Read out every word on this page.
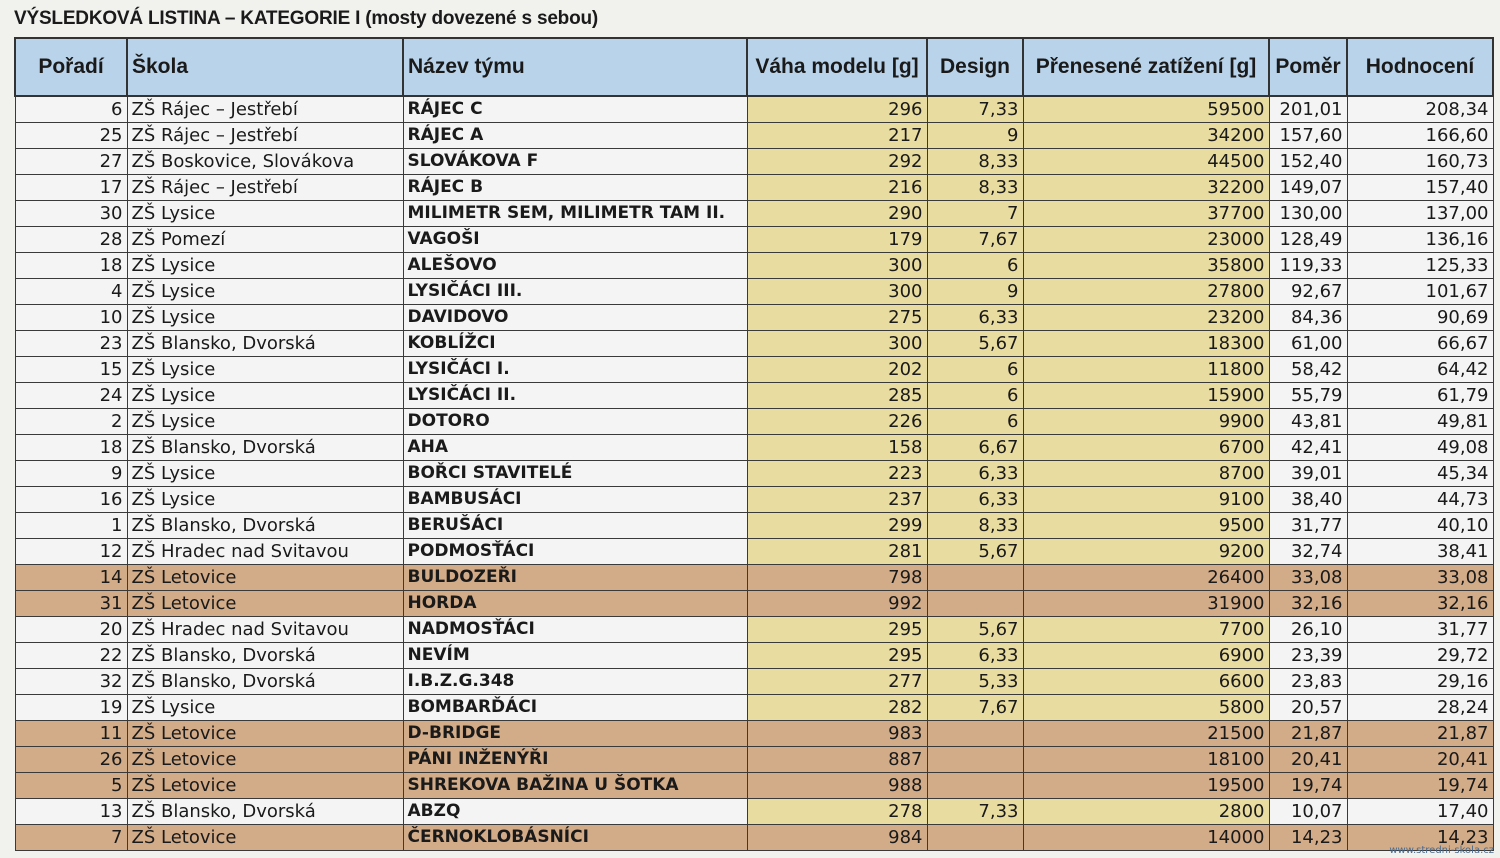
VÝSLEDKOVÁ LISTINA – KATEGORIE I (mosty dovezené s sebou)
Pořadí	Škola	Název týmu	Váha modelu [g]	Design	Přenesené zatížení [g]	Poměr	Hodnocení
6	ZŠ Rájec – Jestřebí	RÁJEC C	296	7,33	59500	201,01	208,34
25	ZŠ Rájec – Jestřebí	RÁJEC A	217	9	34200	157,60	166,60
27	ZŠ Boskovice, Slovákova	SLOVÁKOVA F	292	8,33	44500	152,40	160,73
17	ZŠ Rájec – Jestřebí	RÁJEC B	216	8,33	32200	149,07	157,40
30	ZŠ Lysice	MILIMETR SEM, MILIMETR TAM II.	290	7	37700	130,00	137,00
28	ZŠ Pomezí	VAGOŠI	179	7,67	23000	128,49	136,16
18	ZŠ Lysice	ALEŠOVO	300	6	35800	119,33	125,33
4	ZŠ Lysice	LYSIČÁCI III.	300	9	27800	92,67	101,67
10	ZŠ Lysice	DAVIDOVO	275	6,33	23200	84,36	90,69
23	ZŠ Blansko, Dvorská	KOBLÍŽCI	300	5,67	18300	61,00	66,67
15	ZŠ Lysice	LYSIČÁCI I.	202	6	11800	58,42	64,42
24	ZŠ Lysice	LYSIČÁCI II.	285	6	15900	55,79	61,79
2	ZŠ Lysice	DOTORO	226	6	9900	43,81	49,81
18	ZŠ Blansko, Dvorská	AHA	158	6,67	6700	42,41	49,08
9	ZŠ Lysice	BOŘCI STAVITELÉ	223	6,33	8700	39,01	45,34
16	ZŠ Lysice	BAMBUSÁCI	237	6,33	9100	38,40	44,73
1	ZŠ Blansko, Dvorská	BERUŠÁCI	299	8,33	9500	31,77	40,10
12	ZŠ Hradec nad Svitavou	PODMOSŤÁCI	281	5,67	9200	32,74	38,41
14	ZŠ Letovice	BULDOZEŘI	798		26400	33,08	33,08
31	ZŠ Letovice	HORDA	992		31900	32,16	32,16
20	ZŠ Hradec nad Svitavou	NADMOSŤÁCI	295	5,67	7700	26,10	31,77
22	ZŠ Blansko, Dvorská	NEVÍM	295	6,33	6900	23,39	29,72
32	ZŠ Blansko, Dvorská	I.B.Z.G.348	277	5,33	6600	23,83	29,16
19	ZŠ Lysice	BOMBARĎÁCI	282	7,67	5800	20,57	28,24
11	ZŠ Letovice	D-BRIDGE	983		21500	21,87	21,87
26	ZŠ Letovice	PÁNI INŽENÝŘI	887		18100	20,41	20,41
5	ZŠ Letovice	SHREKOVA BAŽINA U ŠOTKA	988		19500	19,74	19,74
13	ZŠ Blansko, Dvorská	ABZQ	278	7,33	2800	10,07	17,40
7	ZŠ Letovice	ČERNOKLOBÁSNÍCI	984		14000	14,23	14,23
www.stredni-skola.cz
